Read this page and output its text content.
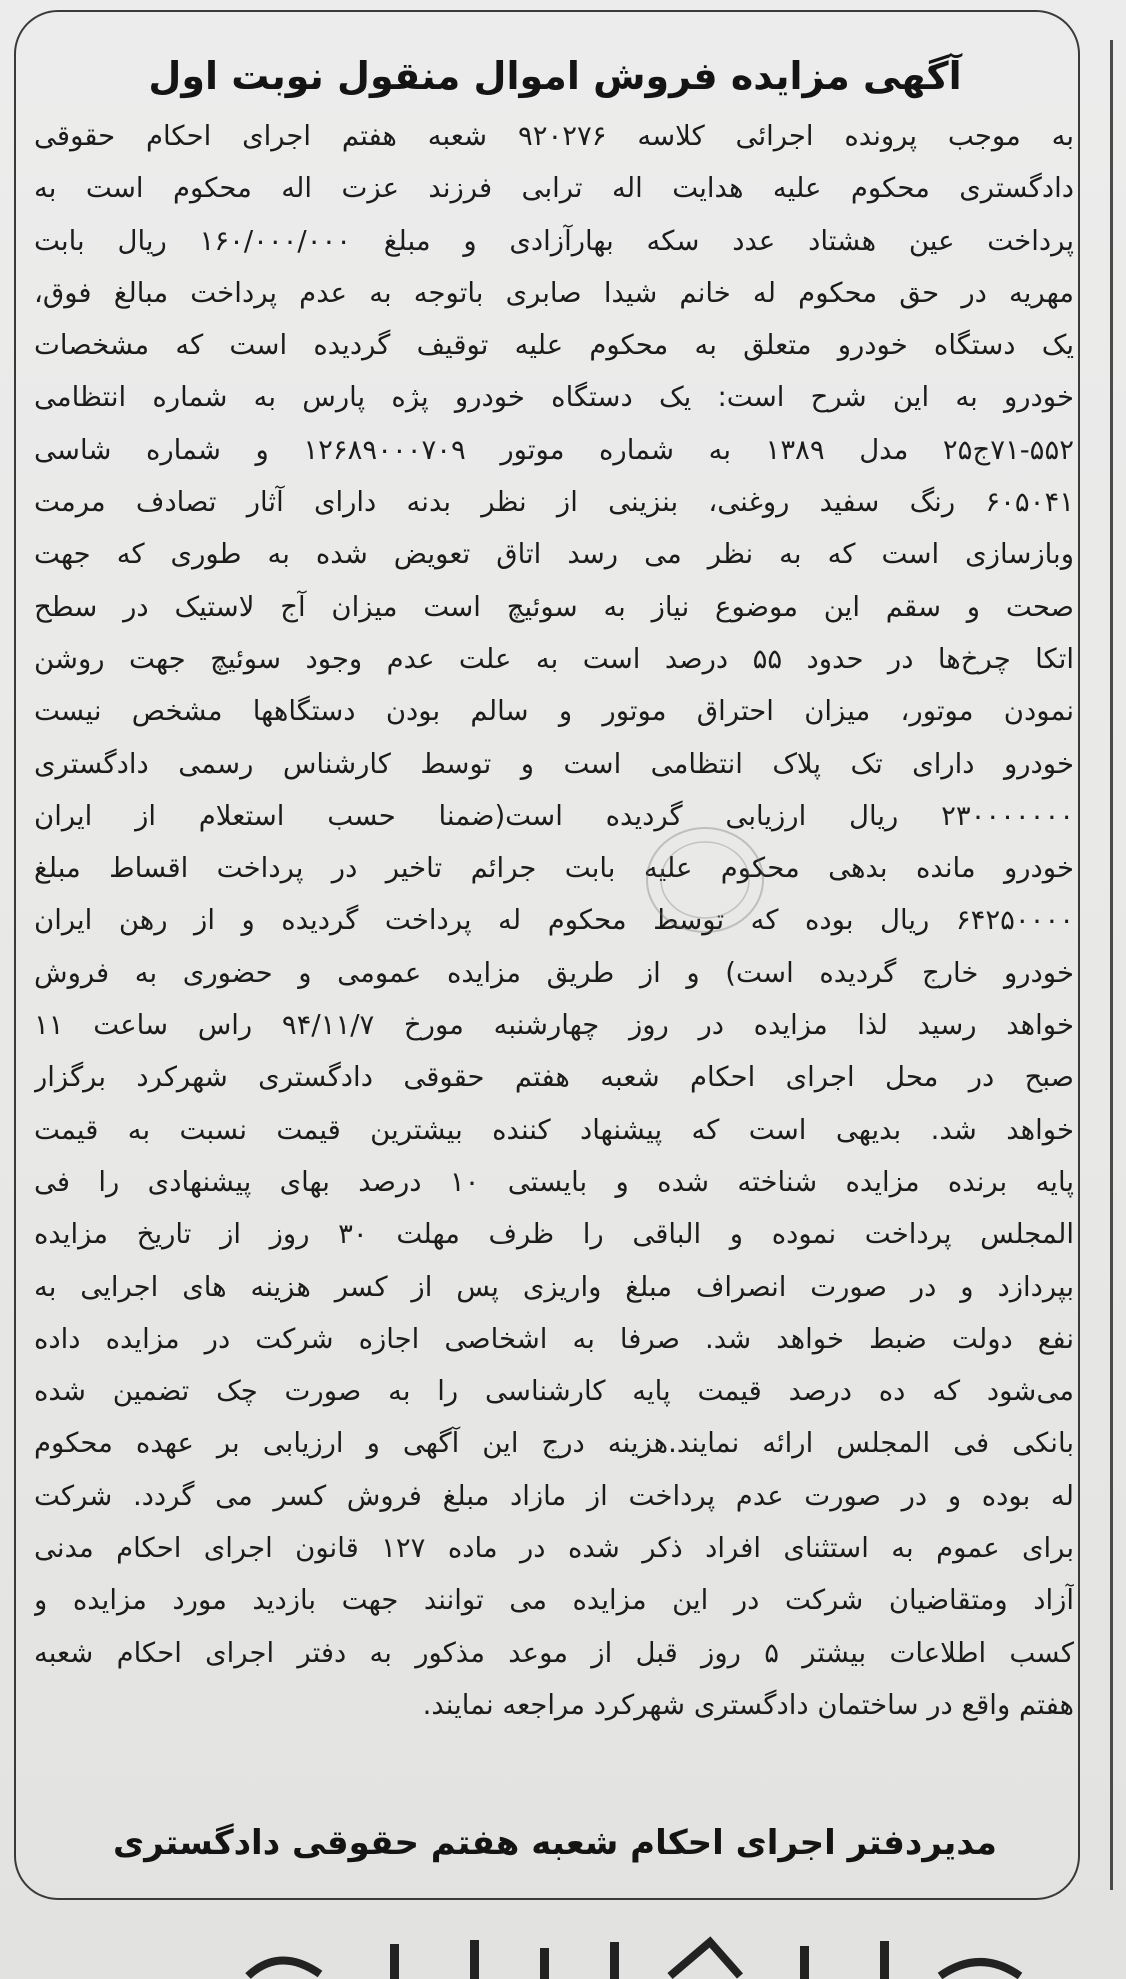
آگهی مزایده فروش اموال منقول نوبت اول
به موجب پرونده اجرائی کلاسه ۹۲۰۲۷۶ شعبه هفتم اجرای احکام حقوقی
دادگستری محکوم علیه هدایت اله ترابی فرزند عزت اله محکوم است به
پرداخت عین هشتاد عدد سکه بهارآزادی و مبلغ ۱۶۰/۰۰۰/۰۰۰ ریال بابت
مهریه در حق محکوم له خانم شیدا صابری باتوجه به عدم پرداخت مبالغ فوق،
یک دستگاه خودرو متعلق به محکوم علیه توقیف گردیده است که مشخصات
خودرو به این شرح است: یک دستگاه خودرو پژه پارس به شماره انتظامی
۷۱-۵۵۲ج۲۵ مدل ۱۳۸۹ به شماره موتور ۱۲۶۸۹۰۰۰۷۰۹ و شماره شاسی
۶۰۵۰۴۱ رنگ سفید روغنی، بنزینی از نظر بدنه دارای آثار تصادف مرمت
وبازسازی است که به نظر می رسد اتاق تعویض شده به طوری که جهت
صحت و سقم این موضوع نیاز به سوئیچ است میزان آج لاستیک در سطح
اتکا چرخ‌ها در حدود ۵۵ درصد است به علت عدم وجود سوئیچ جهت روشن
نمودن موتور، میزان احتراق موتور و سالم بودن دستگاهها مشخص نیست
خودرو دارای تک پلاک انتظامی است و توسط کارشناس رسمی دادگستری
۲۳۰۰۰۰۰۰۰ ریال ارزیابی گردیده است(ضمنا حسب استعلام از ایران
خودرو مانده بدهی محکوم علیه بابت جرائم تاخیر در پرداخت اقساط مبلغ
۶۴۲۵۰۰۰۰ ریال بوده که توسط محکوم له پرداخت گردیده و از رهن ایران
خودرو خارج گردیده است) و از طریق مزایده عمومی و حضوری به فروش
خواهد رسید لذا مزایده در روز چهارشنبه مورخ ۹۴/۱۱/۷ راس ساعت ۱۱
صبح در محل اجرای احکام شعبه هفتم حقوقی دادگستری شهرکرد برگزار
خواهد شد. بدیهی است که پیشنهاد کننده بیشترین قیمت نسبت به قیمت
پایه برنده مزایده شناخته شده و بایستی ۱۰ درصد بهای پیشنهادی را فی
المجلس پرداخت نموده و الباقی را ظرف مهلت ۳۰ روز از تاریخ مزایده
بپردازد و در صورت انصراف مبلغ واریزی پس از کسر هزینه های اجرایی به
نفع دولت ضبط خواهد شد. صرفا به اشخاصی اجازه شرکت در مزایده داده
می‌شود که ده درصد قیمت پایه کارشناسی را به صورت چک تضمین شده
بانکی فی المجلس ارائه نمایند.هزینه درج این آگهی و ارزیابی بر عهده محکوم
له بوده و در صورت عدم پرداخت از مازاد مبلغ فروش کسر می گردد. شرکت
برای عموم به استثنای افراد ذکر شده در ماده ۱۲۷ قانون اجرای احکام مدنی
آزاد ومتقاضیان شرکت در این مزایده می توانند جهت بازدید مورد مزایده و
کسب اطلاعات بیشتر ۵ روز قبل از موعد مذکور به دفتر اجرای احکام شعبه
هفتم واقع در ساختمان دادگستری شهرکرد مراجعه نمایند.
مدیردفتر اجرای احکام شعبه هفتم حقوقی دادگستری
